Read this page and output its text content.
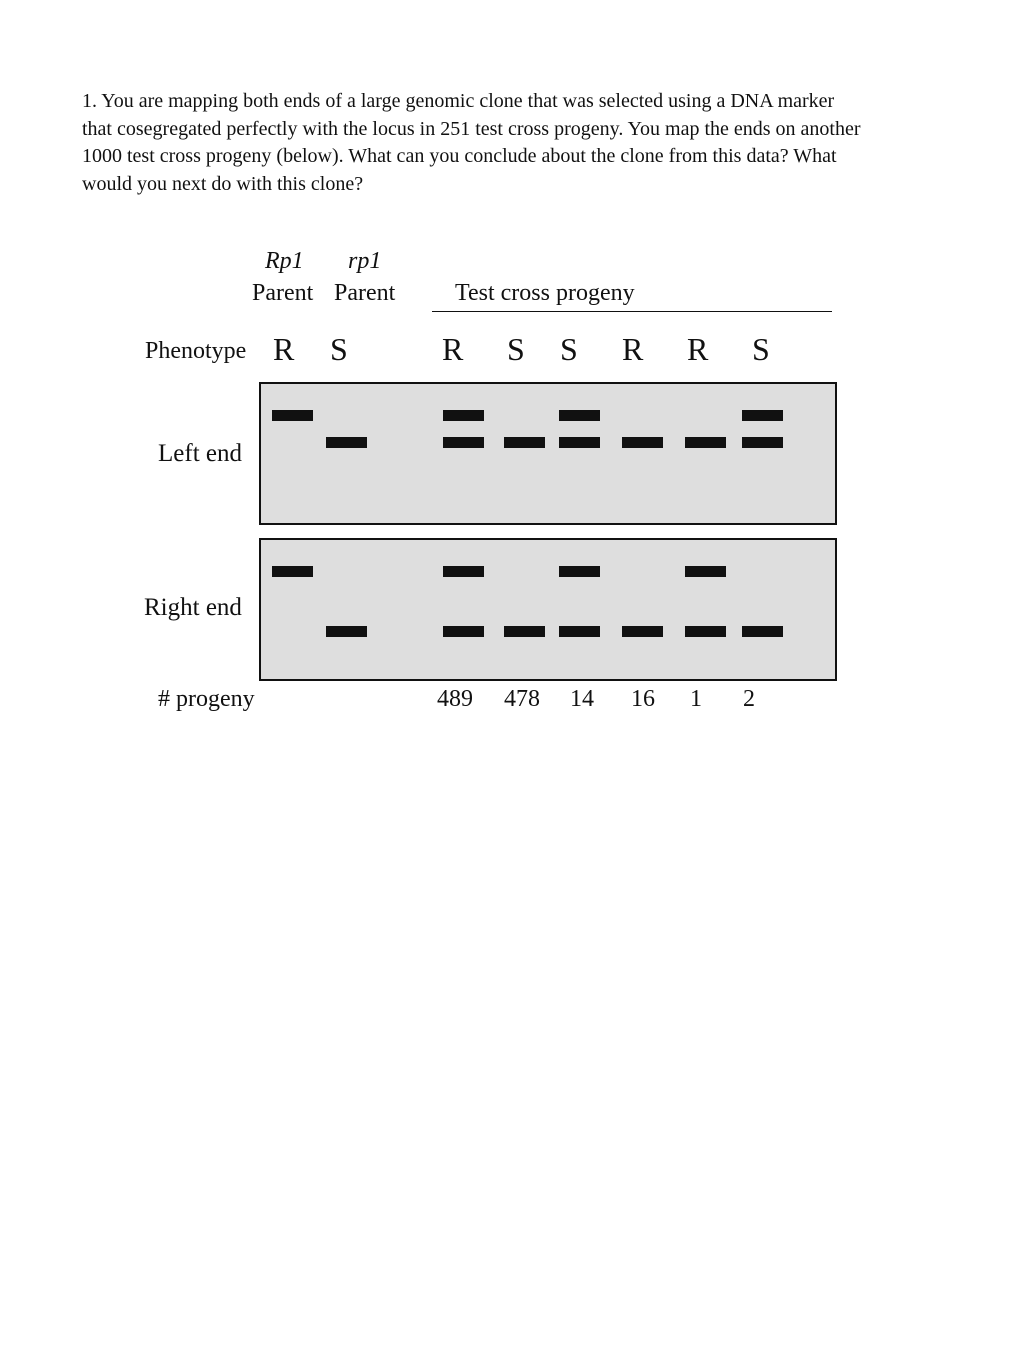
1. You are mapping both ends of a large genomic clone that was selected using a DNA marker
that cosegregated perfectly with the locus in 251 test cross progeny. You map the ends on another
1000 test cross progeny (below). What can you conclude about the clone from this data? What
would you next do with this clone?
Rp1 rp1
Parent Parent Test cross progeny
Phenotype R S	R S S R R S
Left end
Right end
# progeny	489 478 14 16 1 2
